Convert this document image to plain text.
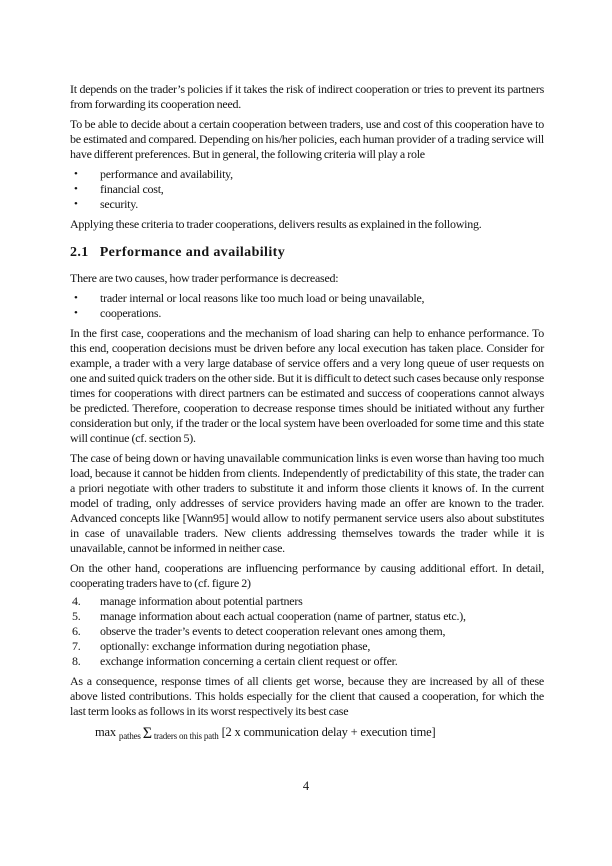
It depends on the trader’s policies if it takes the risk of indirect cooperation or tries to prevent its partners from forwarding its cooperation need.

To be able to decide about a certain cooperation between traders, use and cost of this cooperation have to be estimated and compared. Depending on his/her policies, each human provider of a trading service will have different preferences. But in general, the following criteria will play a role

• performance and availability,
• financial cost,
• security.

Applying these criteria to trader cooperations, delivers results as explained in the following.

2.1 Performance and availability

There are two causes, how trader performance is decreased:

• trader internal or local reasons like too much load or being unavailable,
• cooperations.

In the first case, cooperations and the mechanism of load sharing can help to enhance performance. To this end, cooperation decisions must be driven before any local execution has taken place. Consider for example, a trader with a very large database of service offers and a very long queue of user requests on one and suited quick traders on the other side. But it is difficult to detect such cases because only response times for cooperations with direct partners can be estimated and success of cooperations cannot always be predicted. Therefore, cooperation to decrease response times should be initiated without any further consideration but only, if the trader or the local system have been overloaded for some time and this state will continue (cf. section 5).

The case of being down or having unavailable communication links is even worse than having too much load, because it cannot be hidden from clients. Independently of predictability of this state, the trader can a priori negotiate with other traders to substitute it and inform those clients it knows of. In the current model of trading, only addresses of service providers having made an offer are known to the trader. Advanced concepts like [Wann95] would allow to notify permanent service users also about substitutes in case of unavailable traders. New clients addressing themselves towards the trader while it is unavailable, cannot be informed in neither case.

On the other hand, cooperations are influencing performance by causing additional effort. In detail, cooperating traders have to (cf. figure 2)

4. manage information about potential partners
5. manage information about each actual cooperation (name of partner, status etc.),
6. observe the trader’s events to detect cooperation relevant ones among them,
7. optionally: exchange information during negotiation phase,
8. exchange information concerning a certain client request or offer.

As a consequence, response times of all clients get worse, because they are increased by all of these above listed contributions. This holds especially for the client that caused a cooperation, for which the last term looks as follows in its worst respectively its best case

max $_{pathes}$ Σ $_{traders on this path}$ [2 x communication delay + execution time]
4
